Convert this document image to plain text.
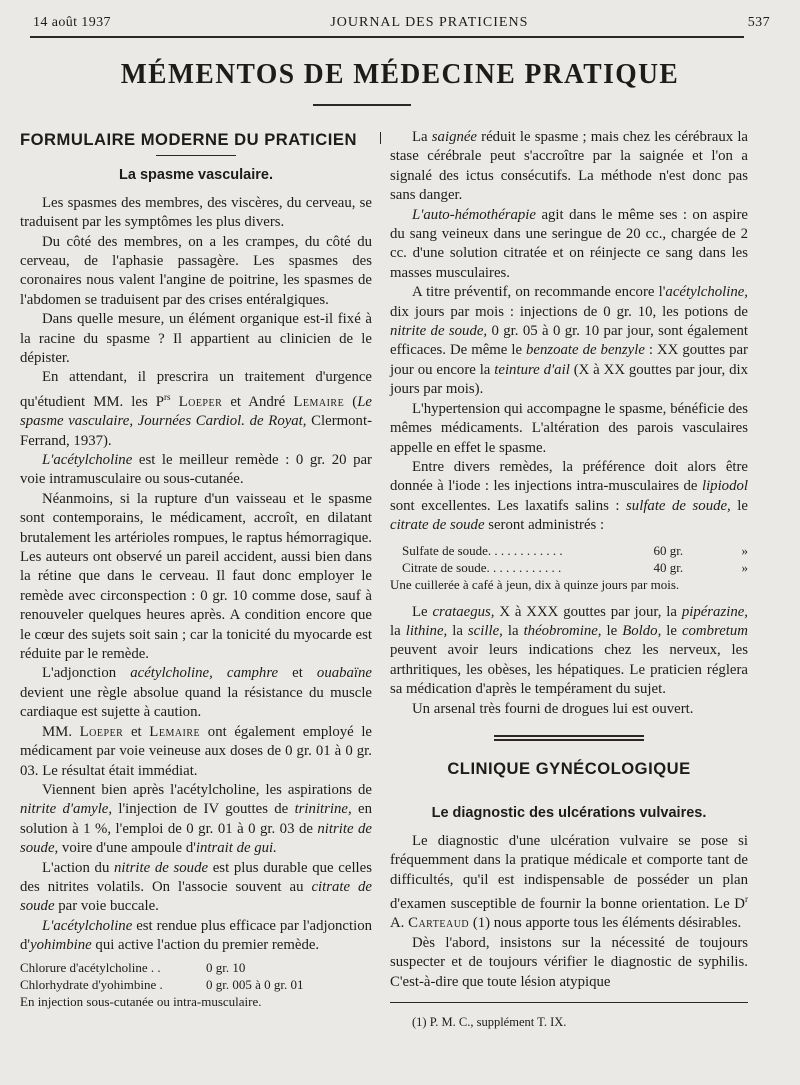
14 août 1937	JOURNAL DES PRATICIENS	537
MÉMENTOS DE MÉDECINE PRATIQUE
FORMULAIRE MODERNE DU PRATICIEN
La spasme vasculaire.

Les spasmes des membres, des viscères, du cerveau, se traduisent par les symptômes les plus divers.

Du côté des membres, on a les crampes, du côté du cerveau, de l'aphasie passagère. Les spasmes des coronaires nous valent l'angine de poitrine, les spasmes de l'abdomen se traduisent par des crises entéralgiques.

Dans quelle mesure, un élément organique est-il fixé à la racine du spasme ? Il appartient au clinicien de le dépister.

En attendant, il prescrira un traitement d'urgence qu'étudient MM. les $P^{rs}$ Loeper et André Lemaire (Le spasme vasculaire, Journées Cardiol. de Royat, Clermont-Ferrand, 1937).

L'acétylcholine est le meilleur remède : 0 gr. 20 par voie intramusculaire ou sous-cutanée.

Néanmoins, si la rupture d'un vaisseau et le spasme sont contemporains, le médicament, accroît, en dilatant brutalement les artérioles rompues, le raptus hémorragique. Les auteurs ont observé un pareil accident, aussi bien dans la rétine que dans le cerveau. Il faut donc employer le remède avec circonspection : 0 gr. 10 comme dose, sauf à renouveler quelques heures après. A condition encore que le cœur des sujets soit sain ; car la tonicité du myocarde est réduite par le remède.

L'adjonction acétylcholine, camphre et ouabaïne devient une règle absolue quand la résistance du muscle cardiaque est sujette à caution.

MM. Loeper et Lemaire ont également employé le médicament par voie veineuse aux doses de 0 gr. 01 à 0 gr. 03. Le résultat était immédiat.

Viennent bien après l'acétylcholine, les aspirations de nitrite d'amyle, l'injection de IV gouttes de trinitrine, en solution à 1 %, l'emploi de 0 gr. 01 à 0 gr. 03 de nitrite de soude, voire d'une ampoule d'intrait de gui.

L'action du nitrite de soude est plus durable que celles des nitrites volatils. On l'associe souvent au citrate de soude par voie buccale.

L'acétylcholine est rendue plus efficace par l'adjonction d'yohimbine qui active l'action du premier remède.

Chlorure d'acétylcholine . .	0 gr. 10
Chlorhydrate d'yohimbine .	0 gr. 005 à 0 gr. 01
En injection sous-cutanée ou intra-musculaire.

La saignée réduit le spasme ; mais chez les cérébraux la stase cérébrale peut s'accroître par la saignée et l'on a signalé des ictus consécutifs. La méthode n'est donc pas sans danger.

L'auto-hémothérapie agit dans le même ses : on aspire du sang veineux dans une seringue de 20 cc., chargée de 2 cc. d'une solution citratée et on réinjecte ce sang dans les masses musculaires.

A titre préventif, on recommande encore l'acétylcholine, dix jours par mois : injections de 0 gr. 10, les potions de nitrite de soude, 0 gr. 05 à 0 gr. 10 par jour, sont également efficaces. De même le benzoate de benzyle : XX gouttes par jour ou encore la teinture d'ail (X à XX gouttes par jour, dix jours par mois).

L'hypertension qui accompagne le spasme, bénéficie des mêmes médicaments. L'altération des parois vasculaires appelle en effet le spasme.

Entre divers remèdes, la préférence doit alors être donnée à l'iode : les injections intra-musculaires de lipiodol sont excellentes. Les laxatifs salins : sulfate de soude, le citrate de soude seront administrés :

Sulfate de soude. . . . . . . . . . . .	60 gr.	»
Citrate de soude. . . . . . . . . . . .	40 gr.	»
Une cuillerée à café à jeun, dix à quinze jours par mois.

Le crataegus, X à XXX gouttes par jour, la pipérazine, la lithine, la scille, la théobromine, le Boldo, le combretum peuvent avoir leurs indications chez les nerveux, les arthritiques, les obèses, les hépatiques. Le praticien réglera sa médication d'après le tempérament du sujet.

Un arsenal très fourni de drogues lui est ouvert.

CLINIQUE GYNÉCOLOGIQUE
Le diagnostic des ulcérations vulvaires.

Le diagnostic d'une ulcération vulvaire se pose si fréquemment dans la pratique médicale et comporte tant de difficultés, qu'il est indispensable de posséder un plan d'examen susceptible de fournir la bonne orientation. Le $D^r$ A. Carteaud (1) nous apporte tous les éléments désirables.

Dès l'abord, insistons sur la nécessité de toujours suspecter et de toujours vérifier le diagnostic de syphilis. C'est-à-dire que toute lésion atypique

(1) P. M. C., supplément T. IX.
